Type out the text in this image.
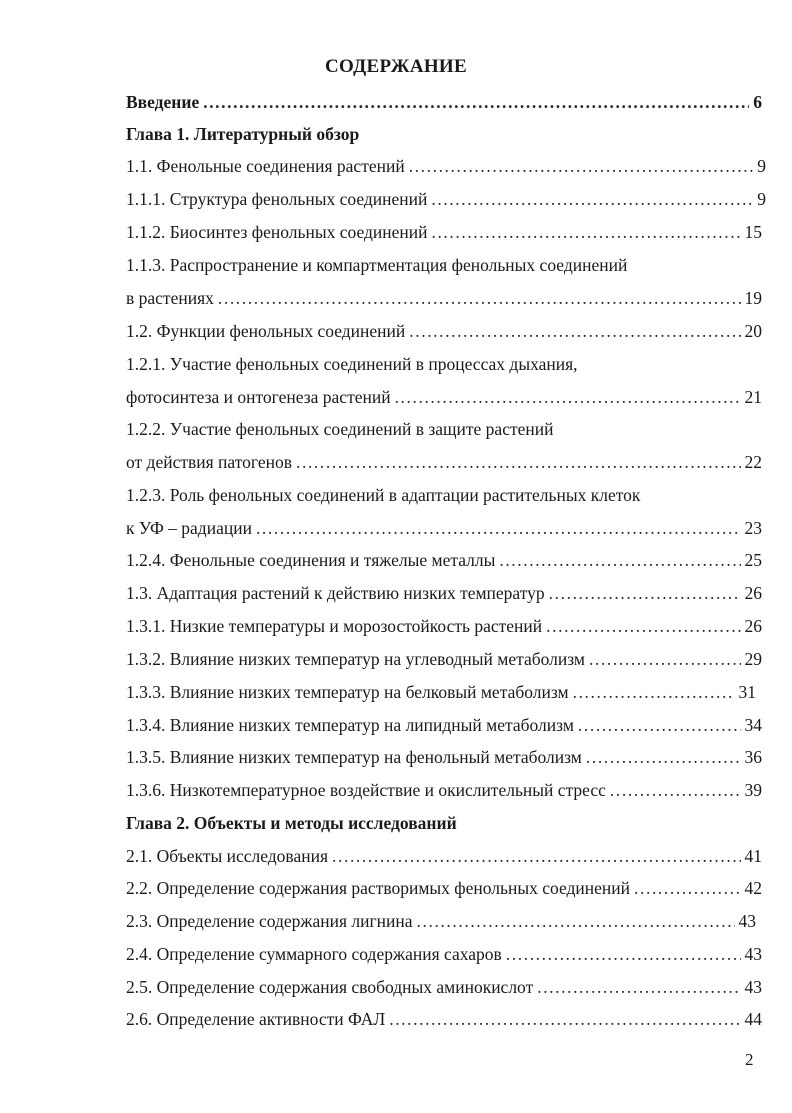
СОДЕРЖАНИЕ
Введение .....	6
Глава 1. Литературный обзор
1.1. Фенольные соединения растений .....	9
1.1.1. Структура фенольных соединений .....	9
1.1.2. Биосинтез фенольных соединений .....	15
1.1.3. Распространение и компартментация фенольных соединений
в растениях .....	19
1.2. Функции фенольных соединений .....	20
1.2.1. Участие фенольных соединений в процессах дыхания,
фотосинтеза и онтогенеза растений .....	21
1.2.2. Участие фенольных соединений в защите растений
от действия патогенов .....	22
1.2.3. Роль фенольных соединений в адаптации растительных клеток
к УФ – радиации .....	23
1.2.4. Фенольные соединения и тяжелые металлы .....	25
1.3. Адаптация растений к действию низких температур .....	26
1.3.1. Низкие температуры и морозостойкость растений .....	26
1.3.2. Влияние низких температур на углеводный метаболизм .....	29
1.3.3. Влияние низких температур на белковый метаболизм .....	31
1.3.4. Влияние низких температур на липидный метаболизм .....	34
1.3.5. Влияние низких температур на фенольный метаболизм .....	36
1.3.6. Низкотемпературное воздействие и окислительный стресс .....	39
Глава 2. Объекты и методы исследований
2.1. Объекты исследования .....	41
2.2. Определение содержания растворимых фенольных соединений .....	42
2.3. Определение содержания лигнина .....	43
2.4. Определение суммарного содержания сахаров .....	43
2.5. Определение содержания свободных аминокислот .....	43
2.6. Определение активности ФАЛ .....	44
2
